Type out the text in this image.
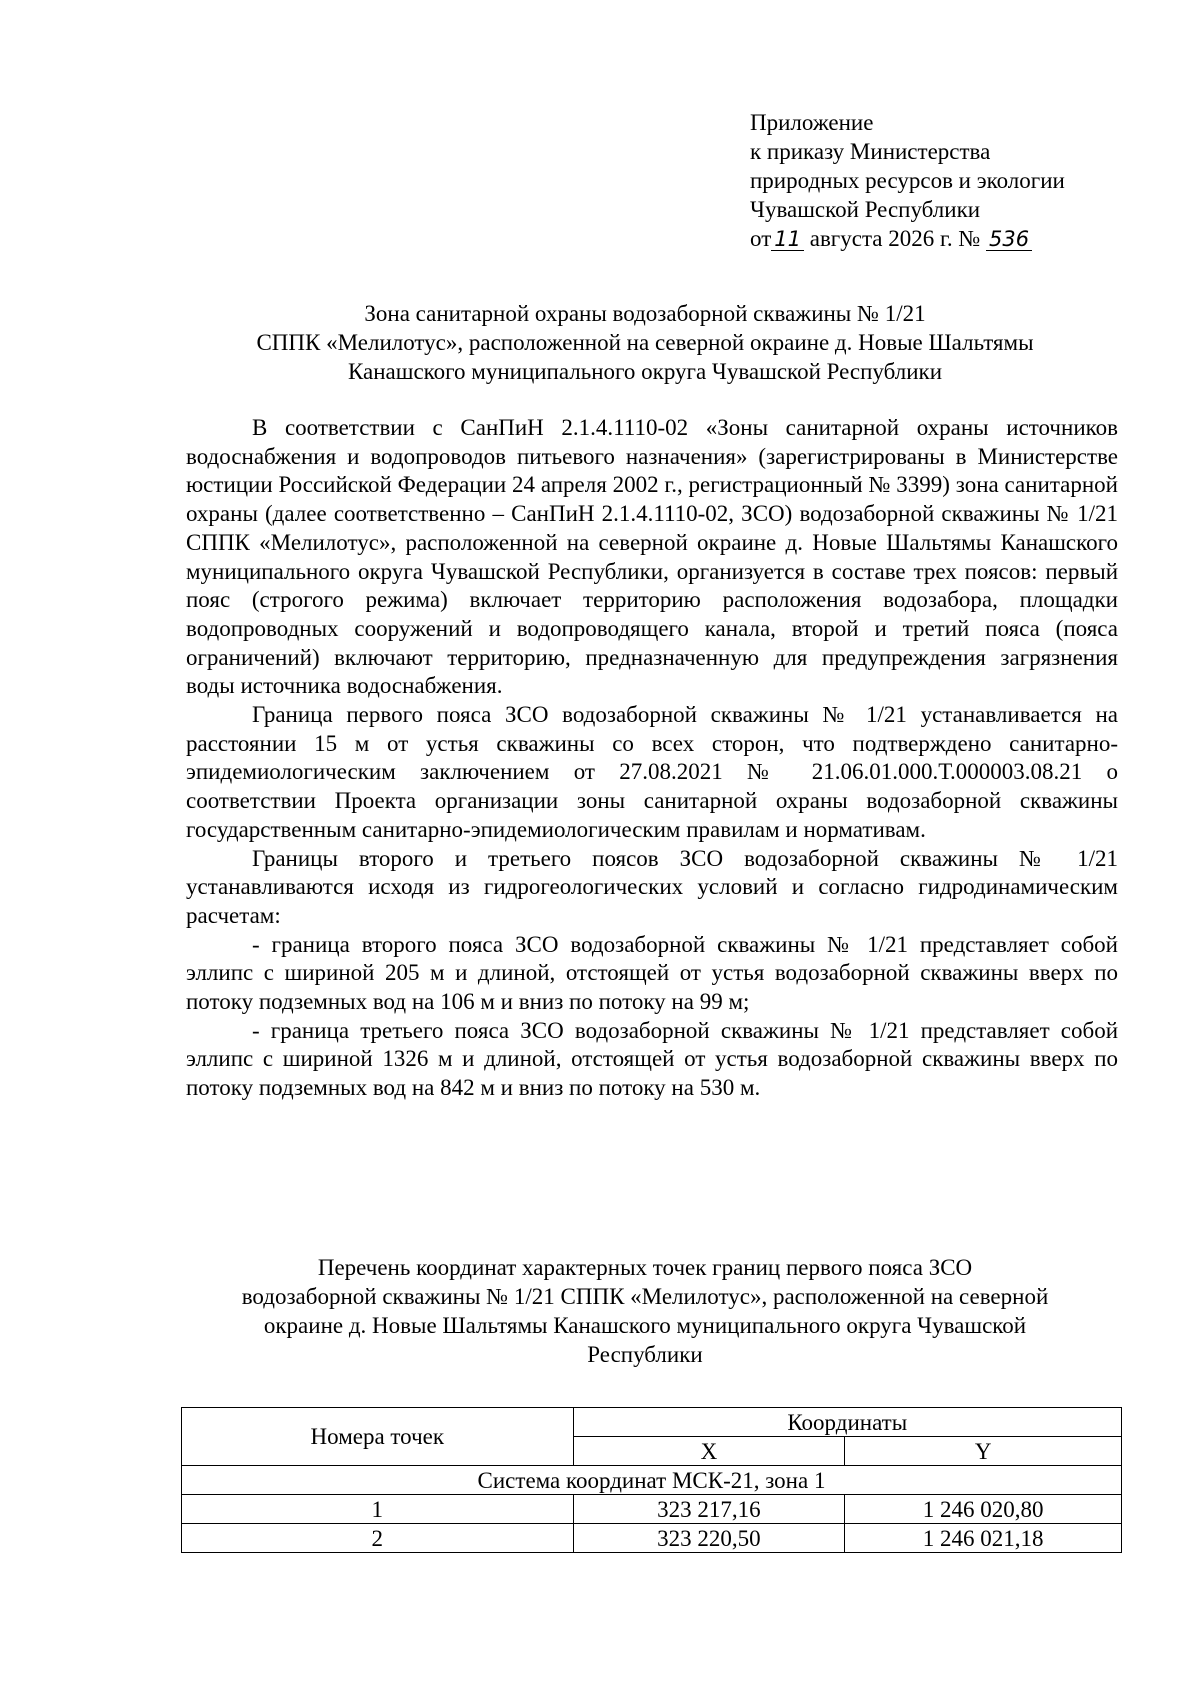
Приложение
к приказу Министерства
природных ресурсов и экологии
Чувашской Республики
от 11 августа 2026 г. № 536
Зона санитарной охраны водозаборной скважины № 1/21
СППК «Мелилотус», расположенной на северной окраине д. Новые Шальтямы
Канашского муниципального округа Чувашской Республики

В соответствии с СанПиН 2.1.4.1110-02 «Зоны санитарной охраны источников водоснабжения и водопроводов питьевого назначения» (зарегистрированы в Министерстве юстиции Российской Федерации 24 апреля 2002 г., регистрационный № 3399) зона санитарной охраны (далее соответственно – СанПиН 2.1.4.1110-02, ЗСО) водозаборной скважины № 1/21 СППК «Мелилотус», расположенной на северной окраине д. Новые Шальтямы Канашского муниципального округа Чувашской Республики, организуется в составе трех поясов: первый пояс (строгого режима) включает территорию расположения водозабора, площадки водопроводных сооружений и водопроводящего канала, второй и третий пояса (пояса ограничений) включают территорию, предназначенную для предупреждения загрязнения воды источника водоснабжения.

Граница первого пояса ЗСО водозаборной скважины № 1/21 устанавливается на расстоянии 15 м от устья скважины со всех сторон, что подтверждено санитарно-эпидемиологическим заключением от 27.08.2021 № 21.06.01.000.Т.000003.08.21 о соответствии Проекта организации зоны санитарной охраны водозаборной скважины государственным санитарно-эпидемиологическим правилам и нормативам.

Границы второго и третьего поясов ЗСО водозаборной скважины № 1/21 устанавливаются исходя из гидрогеологических условий и согласно гидродинамическим расчетам:

- граница второго пояса ЗСО водозаборной скважины № 1/21 представляет собой эллипс с шириной 205 м и длиной, отстоящей от устья водозаборной скважины вверх по потоку подземных вод на 106 м и вниз по потоку на 99 м;

- граница третьего пояса ЗСО водозаборной скважины № 1/21 представляет собой эллипс с шириной 1326 м и длиной, отстоящей от устья водозаборной скважины вверх по потоку подземных вод на 842 м и вниз по потоку на 530 м.

Перечень координат характерных точек границ первого пояса ЗСО
водозаборной скважины № 1/21 СППК «Мелилотус», расположенной на северной
окраине д. Новые Шальтямы Канашского муниципального округа Чувашской
Республики
Номера точек	Координаты	
	X	Y
Система координат МСК-21, зона 1		
1	323 217,16	1 246 020,80
2	323 220,50	1 246 021,18
